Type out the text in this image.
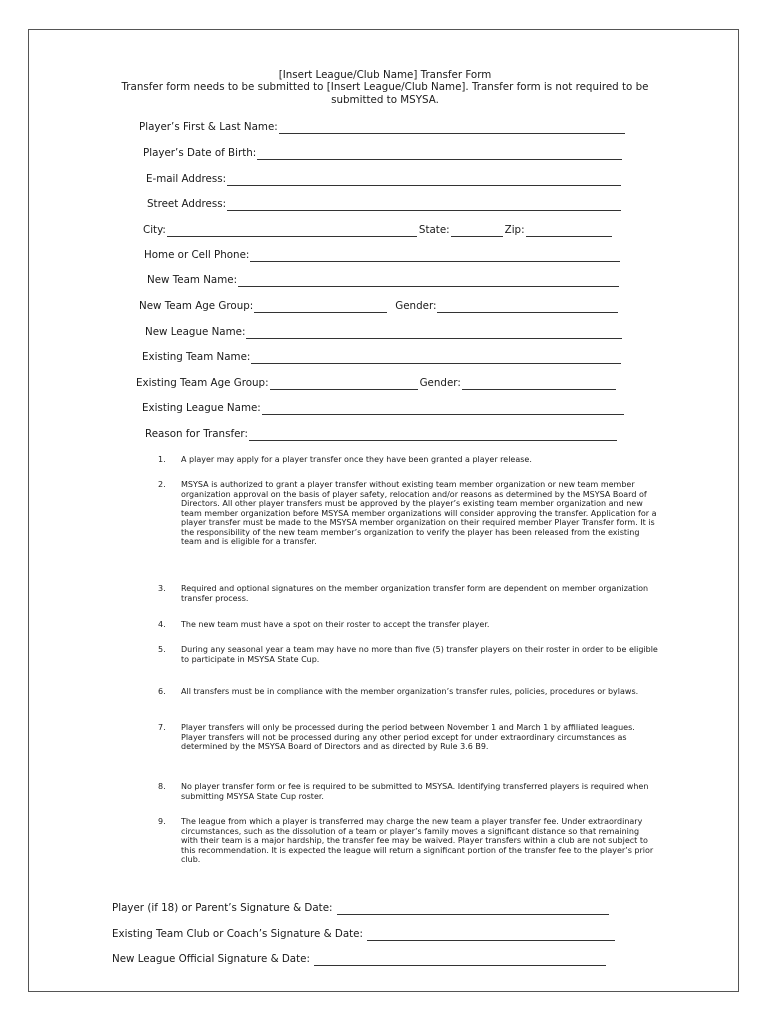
[Insert League/Club Name] Transfer Form
Transfer form needs to be submitted to [Insert League/Club Name]. Transfer form is not required to be submitted to MSYSA.
Player’s First & Last Name:
Player’s Date of Birth:
E-mail Address:
Street Address:
City:	State:	Zip:
Home or Cell Phone:
New Team Name:
New Team Age Group:	Gender:
New League Name:
Existing Team Name:
Existing Team Age Group:	Gender:
Existing League Name:
Reason for Transfer:
1.	A player may apply for a player transfer once they have been granted a player release.
2.	MSYSA is authorized to grant a player transfer without existing team member organization or new team member organization approval on the basis of player safety, relocation and/or reasons as determined by the MSYSA Board of Directors. All other player transfers must be approved by the player’s existing team member organization and new team member organization before MSYSA member organizations will consider approving the transfer. Application for a player transfer must be made to the MSYSA member organization on their required member Player Transfer form. It is the responsibility of the new team member’s organization to verify the player has been released from the existing team and is eligible for a transfer.
3.	Required and optional signatures on the member organization transfer form are dependent on member organization transfer process.
4.	The new team must have a spot on their roster to accept the transfer player.
5.	During any seasonal year a team may have no more than five (5) transfer players on their roster in order to be eligible to participate in MSYSA State Cup.
6.	All transfers must be in compliance with the member organization’s transfer rules, policies, procedures or bylaws.
7.	Player transfers will only be processed during the period between November 1 and March 1 by affiliated leagues. Player transfers will not be processed during any other period except for under extraordinary circumstances as determined by the MSYSA Board of Directors and as directed by Rule 3.6 B9.
8.	No player transfer form or fee is required to be submitted to MSYSA. Identifying transferred players is required when submitting MSYSA State Cup roster.
9.	The league from which a player is transferred may charge the new team a player transfer fee. Under extraordinary circumstances, such as the dissolution of a team or player’s family moves a significant distance so that remaining with their team is a major hardship, the transfer fee may be waived. Player transfers within a club are not subject to this recommendation. It is expected the league will return a significant portion of the transfer fee to the player’s prior club.
Player (if 18) or Parent’s Signature & Date:
Existing Team Club or Coach’s Signature & Date:
New League Official Signature & Date:
